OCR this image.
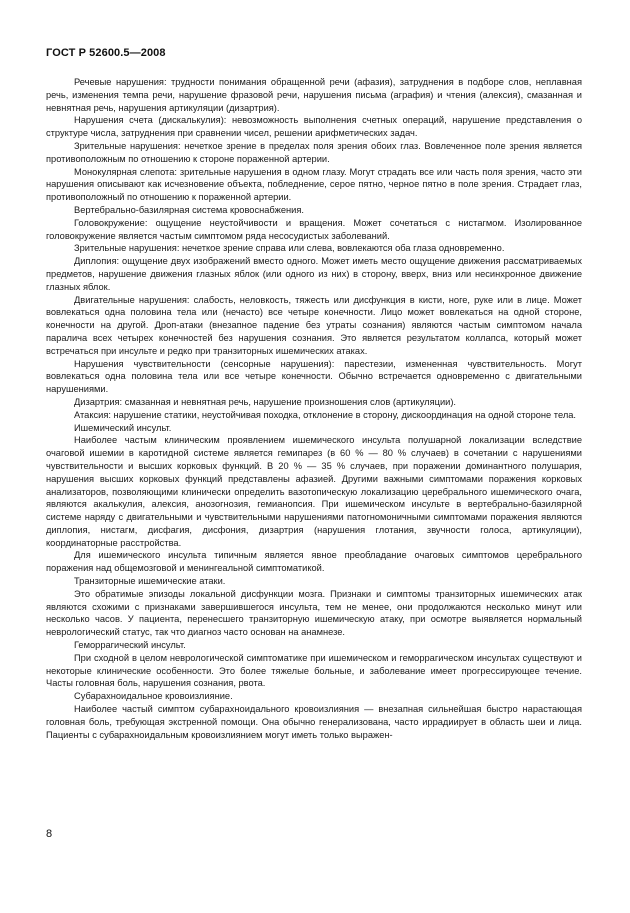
ГОСТ Р 52600.5—2008

Речевые нарушения: трудности понимания обращенной речи (афазия), затруднения в подборе слов, неплавная речь, изменения темпа речи, нарушение фразовой речи, нарушения письма (аграфия) и чтения (алексия), смазанная и невнятная речь, нарушения артикуляции (дизартрия).

Нарушения счета (дискалькулия): невозможность выполнения счетных операций, нарушение представления о структуре числа, затруднения при сравнении чисел, решении арифметических задач.

Зрительные нарушения: нечеткое зрение в пределах поля зрения обоих глаз. Вовлеченное поле зрения является противоположным по отношению к стороне пораженной артерии.

Монокулярная слепота: зрительные нарушения в одном глазу. Могут страдать все или часть поля зрения, часто эти нарушения описывают как исчезновение объекта, побледнение, серое пятно, черное пятно в поле зрения. Страдает глаз, противоположный по отношению к пораженной артерии.

Вертебрально-базилярная система кровоснабжения.

Головокружение: ощущение неустойчивости и вращения. Может сочетаться с нистагмом. Изолированное головокружение является частым симптомом ряда несосудистых заболеваний.

Зрительные нарушения: нечеткое зрение справа или слева, вовлекаются оба глаза одновременно.

Диплопия: ощущение двух изображений вместо одного. Может иметь место ощущение движения рассматриваемых предметов, нарушение движения глазных яблок (или одного из них) в сторону, вверх, вниз или несинхронное движение глазных яблок.

Двигательные нарушения: слабость, неловкость, тяжесть или дисфункция в кисти, ноге, руке или в лице. Может вовлекаться одна половина тела или (нечасто) все четыре конечности. Лицо может вовлекаться на одной стороне, конечности на другой. Дроп-атаки (внезапное падение без утраты сознания) являются частым симптомом начала паралича всех четырех конечностей без нарушения сознания. Это является результатом коллапса, который может встречаться при инсульте и редко при транзиторных ишемических атаках.

Нарушения чувствительности (сенсорные нарушения): парестезии, измененная чувствительность. Могут вовлекаться одна половина тела или все четыре конечности. Обычно встречается одновременно с двигательными нарушениями.

Дизартрия: смазанная и невнятная речь, нарушение произношения слов (артикуляции).

Атаксия: нарушение статики, неустойчивая походка, отклонение в сторону, дискоординация на одной стороне тела.

Ишемический инсульт.

Наиболее частым клиническим проявлением ишемического инсульта полушарной локализации вследствие очаговой ишемии в каротидной системе является гемипарез (в 60 % — 80 % случаев) в сочетании с нарушениями чувствительности и высших корковых функций. В 20 % — 35 % случаев, при поражении доминантного полушария, нарушения высших корковых функций представлены афазией. Другими важными симптомами поражения корковых анализаторов, позволяющими клинически определить вазотопическую локализацию церебрального ишемического очага, являются акалькулия, алексия, анозогнозия, гемианопсия. При ишемическом инсульте в вертебрально-базилярной системе наряду с двигательными и чувствительными нарушениями патогномоничными симптомами поражения являются диплопия, нистагм, дисфагия, дисфония, дизартрия (нарушения глотания, звучности голоса, артикуляции), координаторные расстройства.

Для ишемического инсульта типичным является явное преобладание очаговых симптомов церебрального поражения над общемозговой и менингеальной симптоматикой.

Транзиторные ишемические атаки.

Это обратимые эпизоды локальной дисфункции мозга. Признаки и симптомы транзиторных ишемических атак являются схожими с признаками завершившегося инсульта, тем не менее, они продолжаются несколько минут или несколько часов. У пациента, перенесшего транзиторную ишемическую атаку, при осмотре выявляется нормальный неврологический статус, так что диагноз часто основан на анамнезе.

Геморрагический инсульт.

При сходной в целом неврологической симптоматике при ишемическом и геморрагическом инсультах существуют и некоторые клинические особенности. Это более тяжелые больные, и заболевание имеет прогрессирующее течение. Часты головная боль, нарушения сознания, рвота.

Субарахноидальное кровоизлияние.

Наиболее частый симптом субарахноидального кровоизлияния — внезапная сильнейшая быстро нарастающая головная боль, требующая экстренной помощи. Она обычно генерализована, часто иррадиирует в область шеи и лица. Пациенты с субарахноидальным кровоизлиянием могут иметь только выражен-

8
